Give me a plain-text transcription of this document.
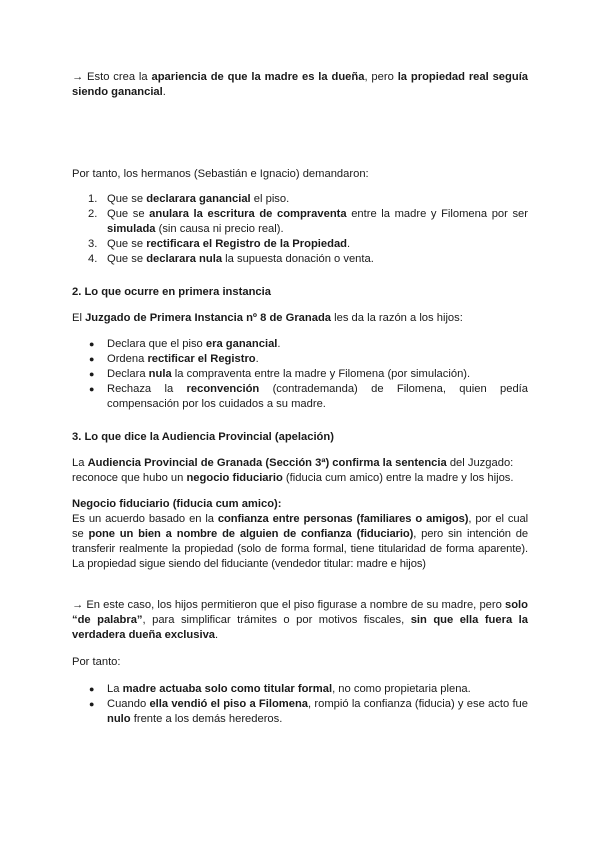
→ Esto crea la apariencia de que la madre es la dueña, pero la propiedad real seguía siendo ganancial.

Por tanto, los hermanos (Sebastián e Ignacio) demandaron:

1. Que se declarara ganancial el piso.
2. Que se anulara la escritura de compraventa entre la madre y Filomena por ser simulada (sin causa ni precio real).
3. Que se rectificara el Registro de la Propiedad.
4. Que se declarara nula la supuesta donación o venta.
2. Lo que ocurre en primera instancia

El Juzgado de Primera Instancia nº 8 de Granada les da la razón a los hijos:

● Declara que el piso era ganancial.
● Ordena rectificar el Registro.
● Declara nula la compraventa entre la madre y Filomena (por simulación).
● Rechaza la reconvención (contrademanda) de Filomena, quien pedía compensación por los cuidados a su madre.
3. Lo que dice la Audiencia Provincial (apelación)

La Audiencia Provincial de Granada (Sección 3ª) confirma la sentencia del Juzgado: reconoce que hubo un negocio fiduciario (fiducia cum amico) entre la madre y los hijos.

Negocio fiduciario (fiducia cum amico):

Es un acuerdo basado en la confianza entre personas (familiares o amigos), por el cual se pone un bien a nombre de alguien de confianza (fiduciario), pero sin intención de transferir realmente la propiedad (solo de forma formal, tiene titularidad de forma aparente). La propiedad sigue siendo del fiduciante (vendedor titular: madre e hijos)

→ En este caso, los hijos permitieron que el piso figurase a nombre de su madre, pero solo “de palabra”, para simplificar trámites o por motivos fiscales, sin que ella fuera la verdadera dueña exclusiva.

Por tanto:

● La madre actuaba solo como titular formal, no como propietaria plena.
● Cuando ella vendió el piso a Filomena, rompió la confianza (fiducia) y ese acto fue nulo frente a los demás herederos.
